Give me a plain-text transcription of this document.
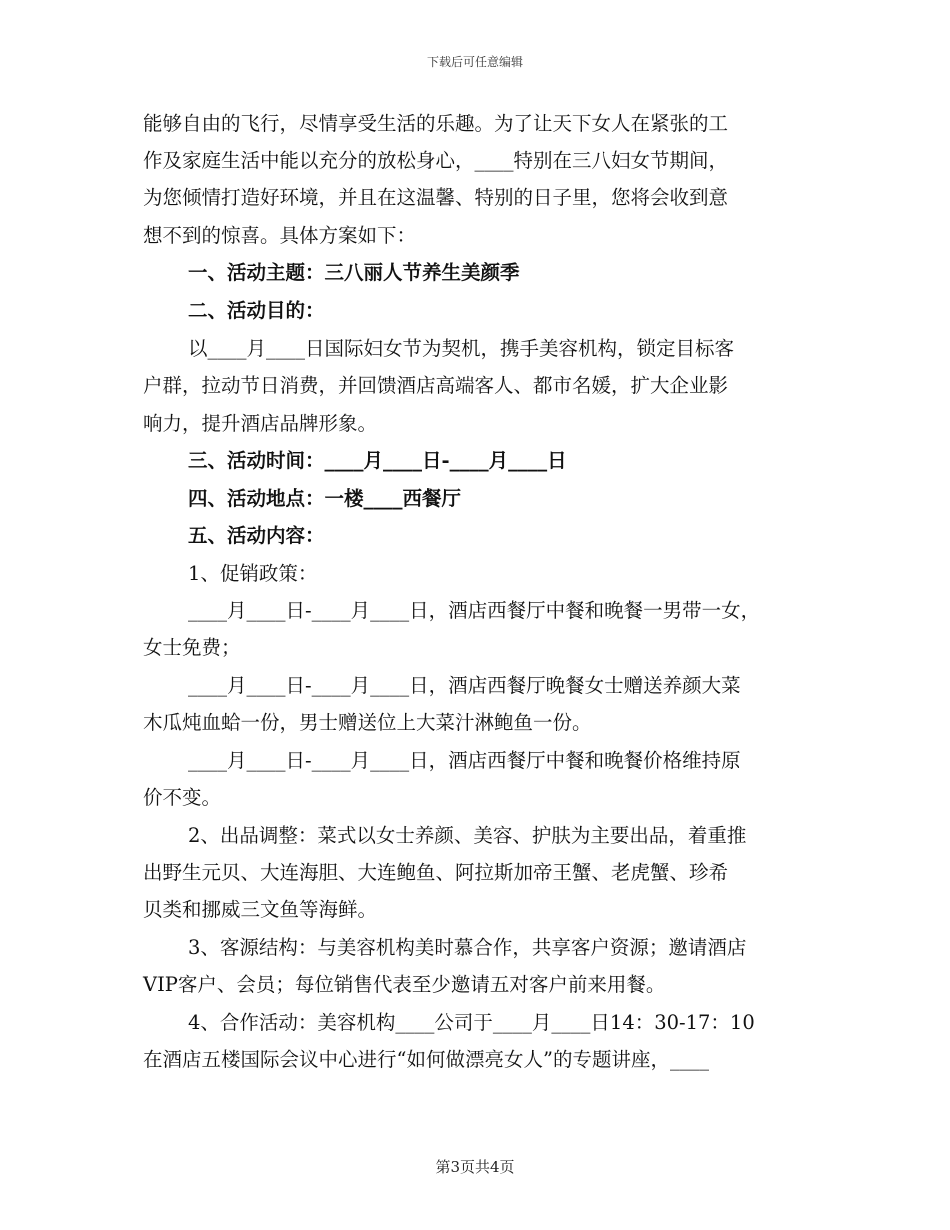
下载后可任意编辑
能够自由的飞行，尽情享受生活的乐趣。为了让天下女人在紧张的工
作及家庭生活中能以充分的放松身心，____特别在三八妇女节期间，
为您倾情打造好环境，并且在这温馨、特别的日子里，您将会收到意
想不到的惊喜。具体方案如下：
一、活动主题：三八丽人节养生美颜季
二、活动目的：
以____月____日国际妇女节为契机，携手美容机构，锁定目标客
户群，拉动节日消费，并回馈酒店高端客人、都市名媛，扩大企业影
响力，提升酒店品牌形象。
三、活动时间：____月____日-____月____日
四、活动地点：一楼____西餐厅
五、活动内容：
1、促销政策：
____月____日-____月____日，酒店西餐厅中餐和晚餐一男带一女，
女士免费；
____月____日-____月____日，酒店西餐厅晚餐女士赠送养颜大菜
木瓜炖血蛤一份，男士赠送位上大菜汁淋鲍鱼一份。
____月____日-____月____日，酒店西餐厅中餐和晚餐价格维持原
价不变。
2、出品调整：菜式以女士养颜、美容、护肤为主要出品，着重推
出野生元贝、大连海胆、大连鲍鱼、阿拉斯加帝王蟹、老虎蟹、珍希
贝类和挪威三文鱼等海鲜。
3、客源结构：与美容机构美时慕合作，共享客户资源；邀请酒店
VIP客户、会员；每位销售代表至少邀请五对客户前来用餐。
4、合作活动：美容机构____公司于____月____日14：30-17：10
在酒店五楼国际会议中心进行“如何做漂亮女人”的专题讲座，____
第3页共4页
